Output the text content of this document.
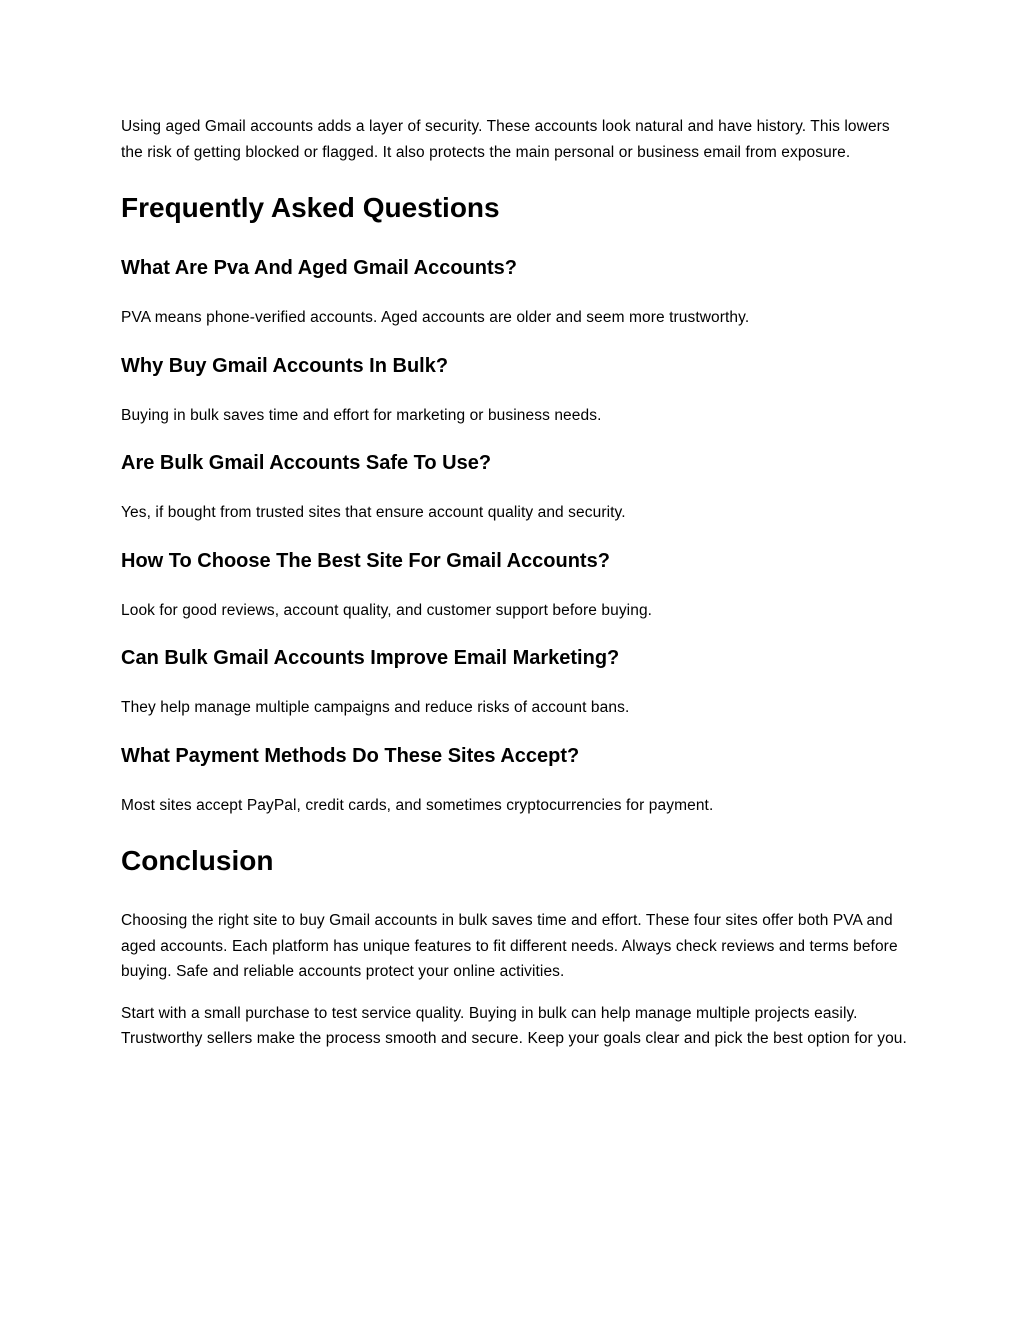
Using aged Gmail accounts adds a layer of security. These accounts look natural and have history. This lowers the risk of getting blocked or flagged. It also protects the main personal or business email from exposure.

Frequently Asked Questions
What Are Pva And Aged Gmail Accounts?

PVA means phone-verified accounts. Aged accounts are older and seem more trustworthy.

Why Buy Gmail Accounts In Bulk?

Buying in bulk saves time and effort for marketing or business needs.

Are Bulk Gmail Accounts Safe To Use?

Yes, if bought from trusted sites that ensure account quality and security.

How To Choose The Best Site For Gmail Accounts?

Look for good reviews, account quality, and customer support before buying.

Can Bulk Gmail Accounts Improve Email Marketing?

They help manage multiple campaigns and reduce risks of account bans.

What Payment Methods Do These Sites Accept?

Most sites accept PayPal, credit cards, and sometimes cryptocurrencies for payment.

Conclusion

Choosing the right site to buy Gmail accounts in bulk saves time and effort. These four sites offer both PVA and aged accounts. Each platform has unique features to fit different needs. Always check reviews and terms before buying. Safe and reliable accounts protect your online activities.

Start with a small purchase to test service quality. Buying in bulk can help manage multiple projects easily. Trustworthy sellers make the process smooth and secure. Keep your goals clear and pick the best option for you.
